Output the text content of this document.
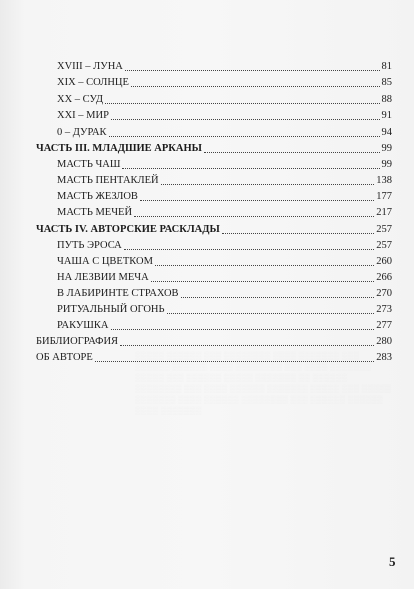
XVIII – ЛУНА	81
XIX – СОЛНЦЕ	85
XX – СУД	88
XXI – МИР	91
0 – ДУРАК	94
ЧАСТЬ III. МЛАДШИЕ АРКАНЫ	99
МАСТЬ ЧАШ	99
МАСТЬ ПЕНТАКЛЕЙ	138
МАСТЬ ЖЕЗЛОВ	177
МАСТЬ МЕЧЕЙ	217
ЧАСТЬ IV. АВТОРСКИЕ РАСКЛАДЫ	257
ПУТЬ ЭРОСА	257
ЧАША С ЦВЕТКОМ	260
НА ЛЕЗВИИ МЕЧА	266
В ЛАБИРИНТЕ СТРАХОВ	270
РИТУАЛЬНЫЙ ОГОНЬ	273
РАКУШКА	277
БИБЛИОГРАФИЯ	280
ОБ АВТОРЕ	283
5
